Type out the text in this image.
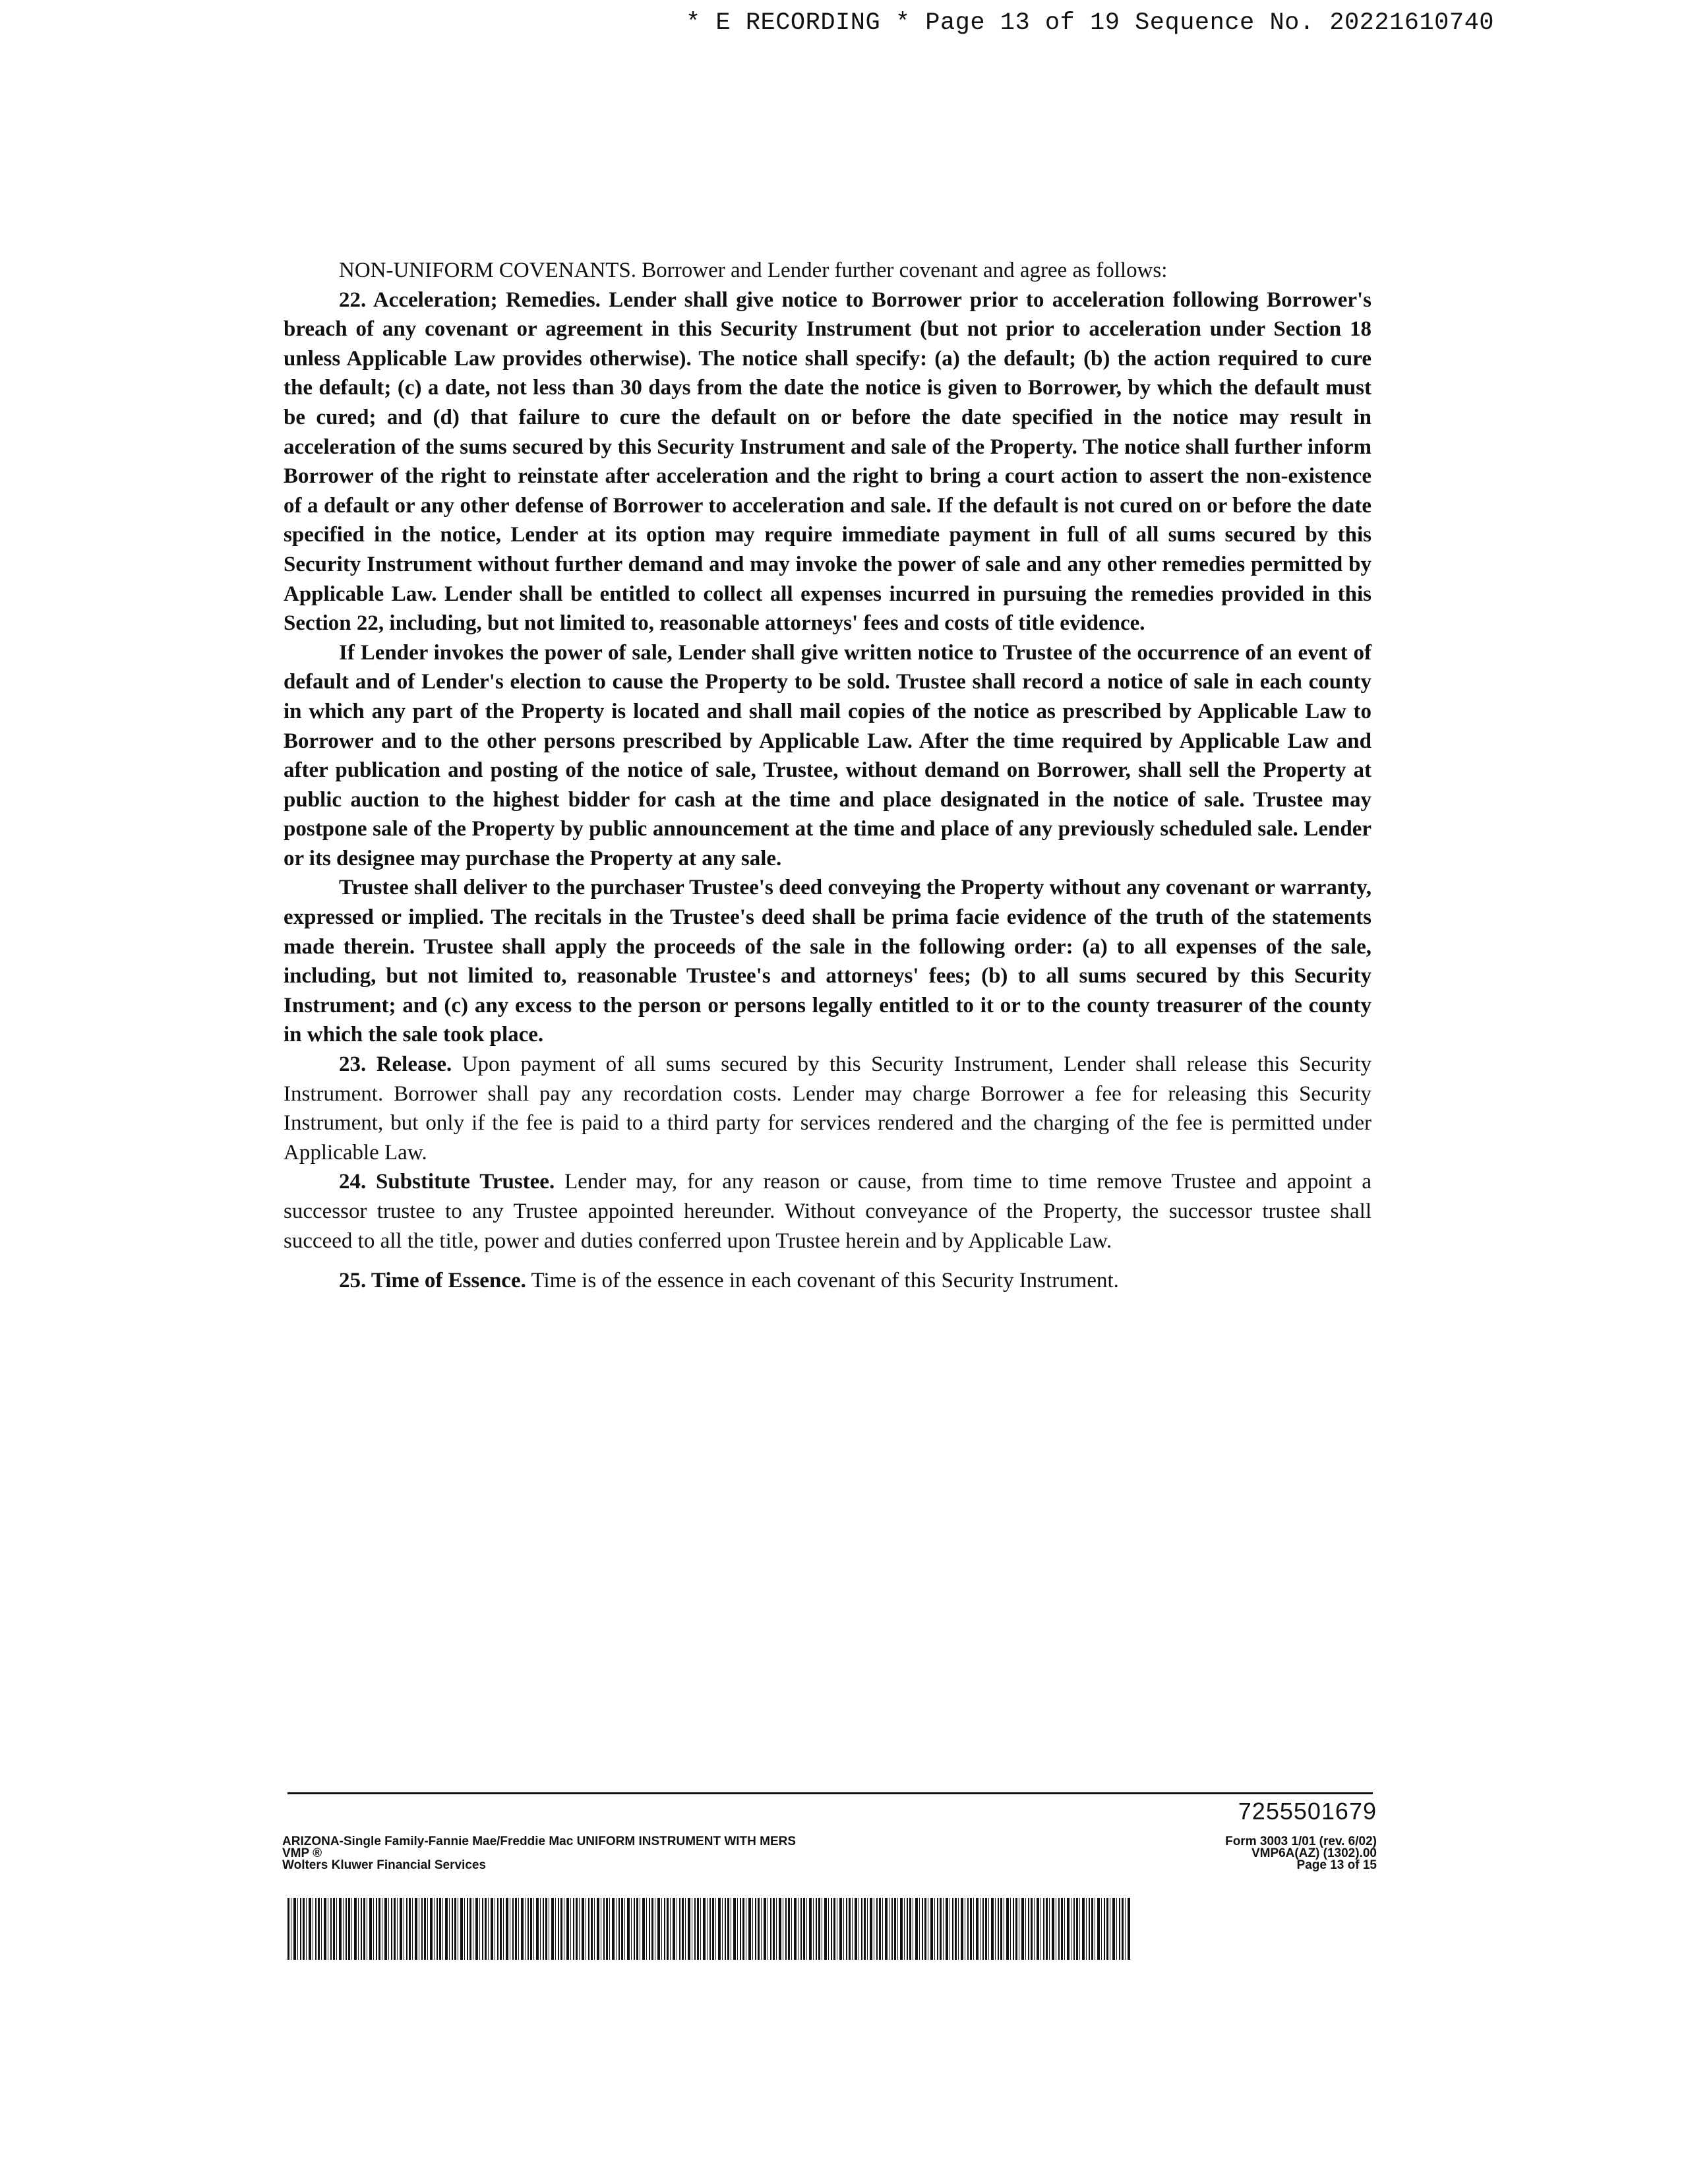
* E RECORDING * Page 13 of 19 Sequence No. 20221610740

NON-UNIFORM COVENANTS. Borrower and Lender further covenant and agree as follows:

22. Acceleration; Remedies. Lender shall give notice to Borrower prior to acceleration following Borrower's breach of any covenant or agreement in this Security Instrument (but not prior to acceleration under Section 18 unless Applicable Law provides otherwise). The notice shall specify: (a) the default; (b) the action required to cure the default; (c) a date, not less than 30 days from the date the notice is given to Borrower, by which the default must be cured; and (d) that failure to cure the default on or before the date specified in the notice may result in acceleration of the sums secured by this Security Instrument and sale of the Property. The notice shall further inform Borrower of the right to reinstate after acceleration and the right to bring a court action to assert the non-existence of a default or any other defense of Borrower to acceleration and sale. If the default is not cured on or before the date specified in the notice, Lender at its option may require immediate payment in full of all sums secured by this Security Instrument without further demand and may invoke the power of sale and any other remedies permitted by Applicable Law. Lender shall be entitled to collect all expenses incurred in pursuing the remedies provided in this Section 22, including, but not limited to, reasonable attorneys' fees and costs of title evidence.

If Lender invokes the power of sale, Lender shall give written notice to Trustee of the occurrence of an event of default and of Lender's election to cause the Property to be sold. Trustee shall record a notice of sale in each county in which any part of the Property is located and shall mail copies of the notice as prescribed by Applicable Law to Borrower and to the other persons prescribed by Applicable Law. After the time required by Applicable Law and after publication and posting of the notice of sale, Trustee, without demand on Borrower, shall sell the Property at public auction to the highest bidder for cash at the time and place designated in the notice of sale. Trustee may postpone sale of the Property by public announcement at the time and place of any previously scheduled sale. Lender or its designee may purchase the Property at any sale.

Trustee shall deliver to the purchaser Trustee's deed conveying the Property without any covenant or warranty, expressed or implied. The recitals in the Trustee's deed shall be prima facie evidence of the truth of the statements made therein. Trustee shall apply the proceeds of the sale in the following order: (a) to all expenses of the sale, including, but not limited to, reasonable Trustee's and attorneys' fees; (b) to all sums secured by this Security Instrument; and (c) any excess to the person or persons legally entitled to it or to the county treasurer of the county in which the sale took place.

23. Release. Upon payment of all sums secured by this Security Instrument, Lender shall release this Security Instrument. Borrower shall pay any recordation costs. Lender may charge Borrower a fee for releasing this Security Instrument, but only if the fee is paid to a third party for services rendered and the charging of the fee is permitted under Applicable Law.

24. Substitute Trustee. Lender may, for any reason or cause, from time to time remove Trustee and appoint a successor trustee to any Trustee appointed hereunder. Without conveyance of the Property, the successor trustee shall succeed to all the title, power and duties conferred upon Trustee herein and by Applicable Law.

25. Time of Essence. Time is of the essence in each covenant of this Security Instrument.

7255501679
ARIZONA-Single Family-Fannie Mae/Freddie Mac UNIFORM INSTRUMENT WITH MERS
VMP ®
Wolters Kluwer Financial Services
Form 3003 1/01 (rev. 6/02)
VMP6A(AZ) (1302).00
Page 13 of 15
